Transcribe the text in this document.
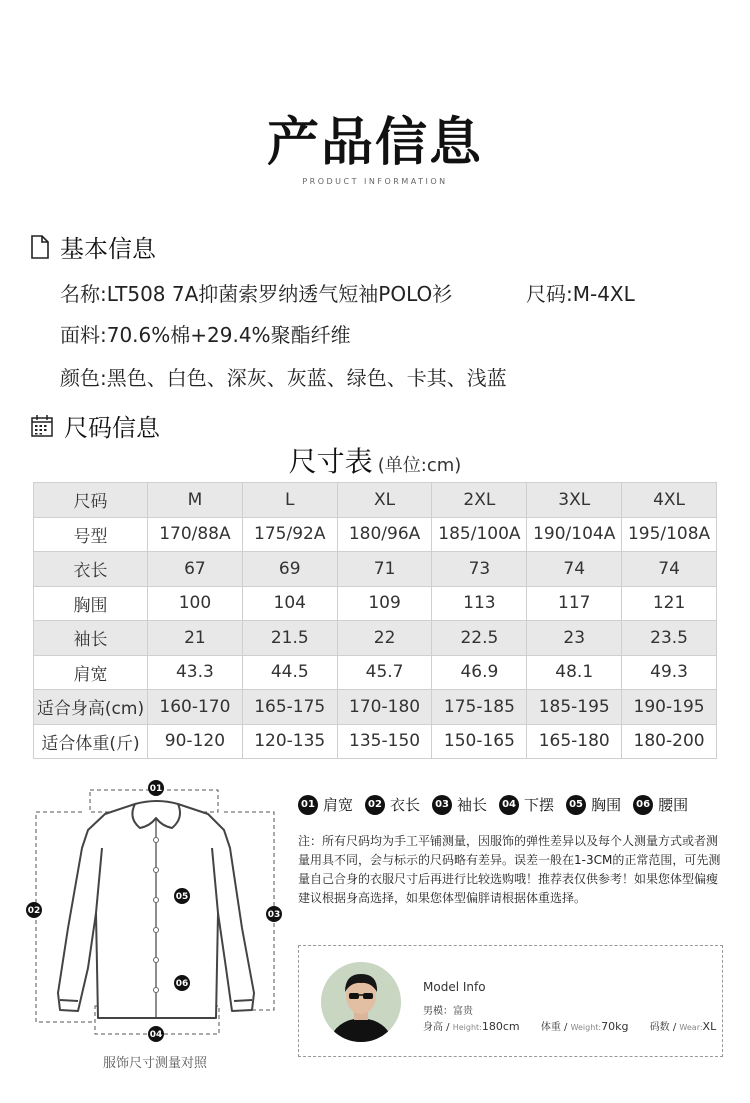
产品信息
PRODUCT INFORMATION
基本信息
名称:LT508 7A抑菌索罗纳透气短袖POLO衫	尺码:M-4XL
面料:70.6%棉+29.4%聚酯纤维
颜色:黑色、白色、深灰、灰蓝、绿色、卡其、浅蓝
尺码信息
尺寸表 (单位:cm)
尺码	M	L	XL	2XL	3XL	4XL
号型	170/88A	175/92A	180/96A	185/100A	190/104A	195/108A
衣长	67	69	71	73	74	74
胸围	100	104	109	113	117	121
袖长	21	21.5	22	22.5	23	23.5
肩宽	43.3	44.5	45.7	46.9	48.1	49.3
适合身高(cm)	160-170	165-175	170-180	175-185	185-195	190-195
适合体重(斤)	90-120	120-135	135-150	150-165	165-180	180-200
01
02	03
04
05
06
服饰尺寸测量对照
01 肩宽	02 衣长	03 袖长	04 下摆	05 胸围	06 腰围
注：所有尺码均为手工平铺测量，因服饰的弹性差异以及每个人测量方式或者测量用具不同，会与标示的尺码略有差异。误差一般在1-3CM的正常范围，可先测量自己合身的衣服尺寸后再进行比较选购哦！推荐表仅供参考！如果您体型偏瘦建议根据身高选择，如果您体型偏胖请根据体重选择。
Model Info
男模：富贵
身高 / Height:180cm 体重 / Weight:70kg 码数 / Wear:XL
